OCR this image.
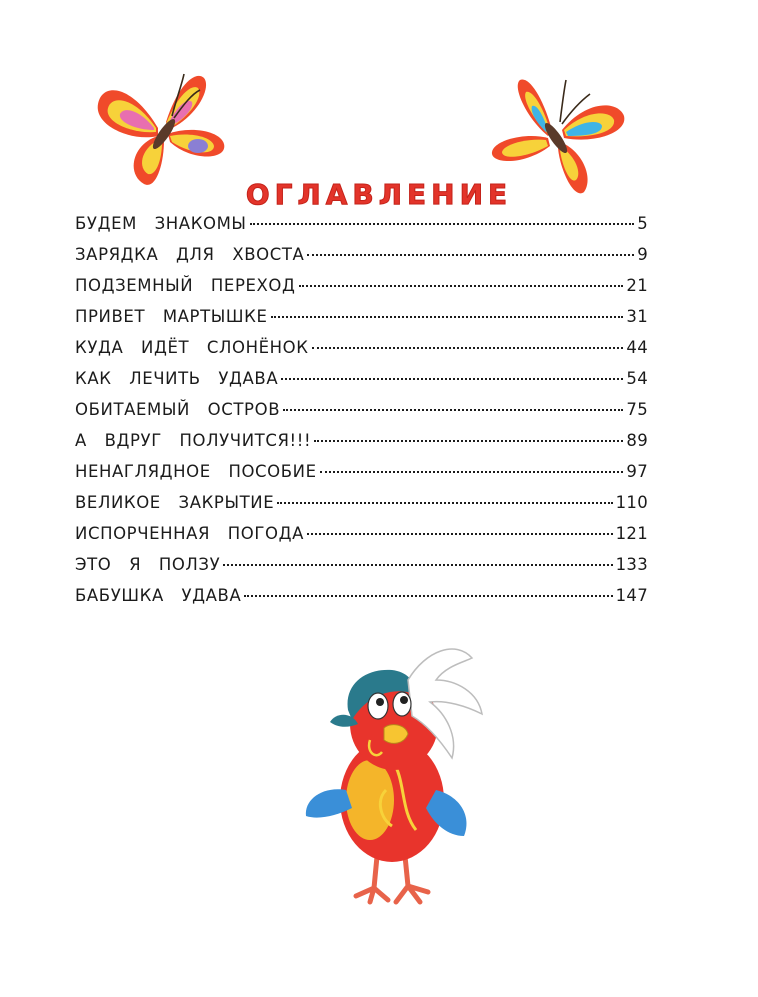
ОГЛАВЛЕНИЕ
БУДЕМ  ЗНАКОМЫ	5
ЗАРЯДКА  ДЛЯ  ХВОСТА	9
ПОДЗЕМНЫЙ  ПЕРЕХОД	21
ПРИВЕТ  МАРТЫШКЕ	31
КУДА  ИДЁТ  СЛОНЁНОК	44
КАК  ЛЕЧИТЬ  УДАВА	54
ОБИТАЕМЫЙ  ОСТРОВ	75
А  ВДРУГ  ПОЛУЧИТСЯ!!!	89
НЕНАГЛЯДНОЕ  ПОСОБИЕ	97
ВЕЛИКОЕ  ЗАКРЫТИЕ	110
ИСПОРЧЕННАЯ  ПОГОДА	121
ЭТО  Я  ПОЛЗУ	133
БАБУШКА  УДАВА	147
